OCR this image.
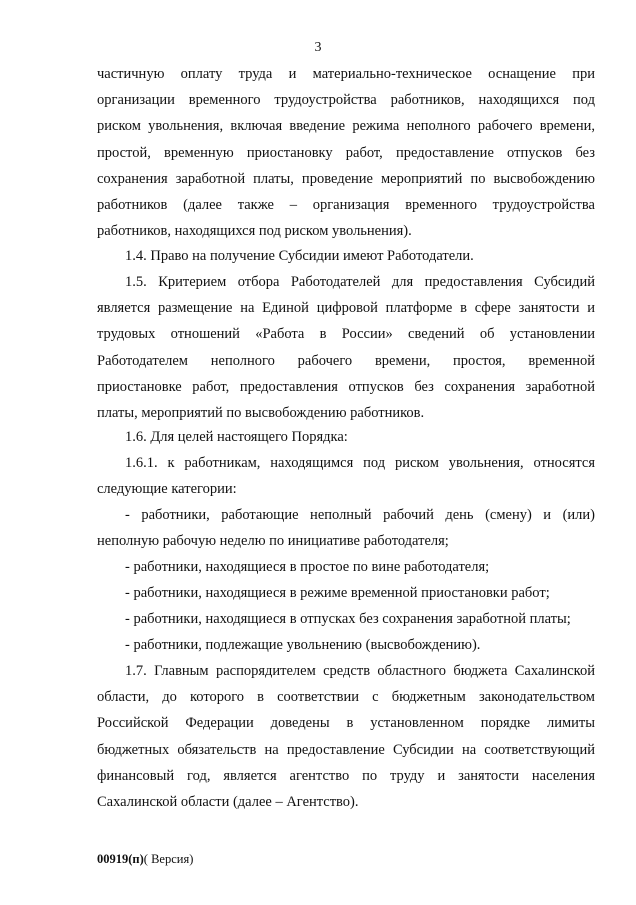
3

частичную оплату труда и материально-техническое оснащение при

организации временного трудоустройства работников, находящихся под

риском увольнения, включая введение режима неполного рабочего времени,

простой, временную приостановку работ, предоставление отпусков без

сохранения заработной платы, проведение мероприятий по высвобождению

работников (далее также – организация временного трудоустройства

работников, находящихся под риском увольнения).

1.4. Право на получение Субсидии имеют Работодатели.

1.5. Критерием отбора Работодателей для предоставления Субсидий

является размещение на Единой цифровой платформе в сфере занятости и

трудовых отношений «Работа в России» сведений об установлении

Работодателем неполного рабочего времени, простоя, временной

приостановке работ, предоставления отпусков без сохранения заработной

платы, мероприятий по высвобождению работников.

1.6. Для целей настоящего Порядка:

1.6.1. к работникам, находящимся под риском увольнения, относятся

следующие категории:

- работники, работающие неполный рабочий день (смену) и (или)

неполную рабочую неделю по инициативе работодателя;

- работники, находящиеся в простое по вине работодателя;

- работники, находящиеся в режиме временной приостановки работ;

- работники, находящиеся в отпусках без сохранения заработной платы;

- работники, подлежащие увольнению (высвобождению).

1.7. Главным распорядителем средств областного бюджета Сахалинской

области, до которого в соответствии с бюджетным законодательством

Российской Федерации доведены в установленном порядке лимиты

бюджетных обязательств на предоставление Субсидии на соответствующий

финансовый год, является агентство по труду и занятости населения

Сахалинской области (далее – Агентство).

00919(п)( Версия)
